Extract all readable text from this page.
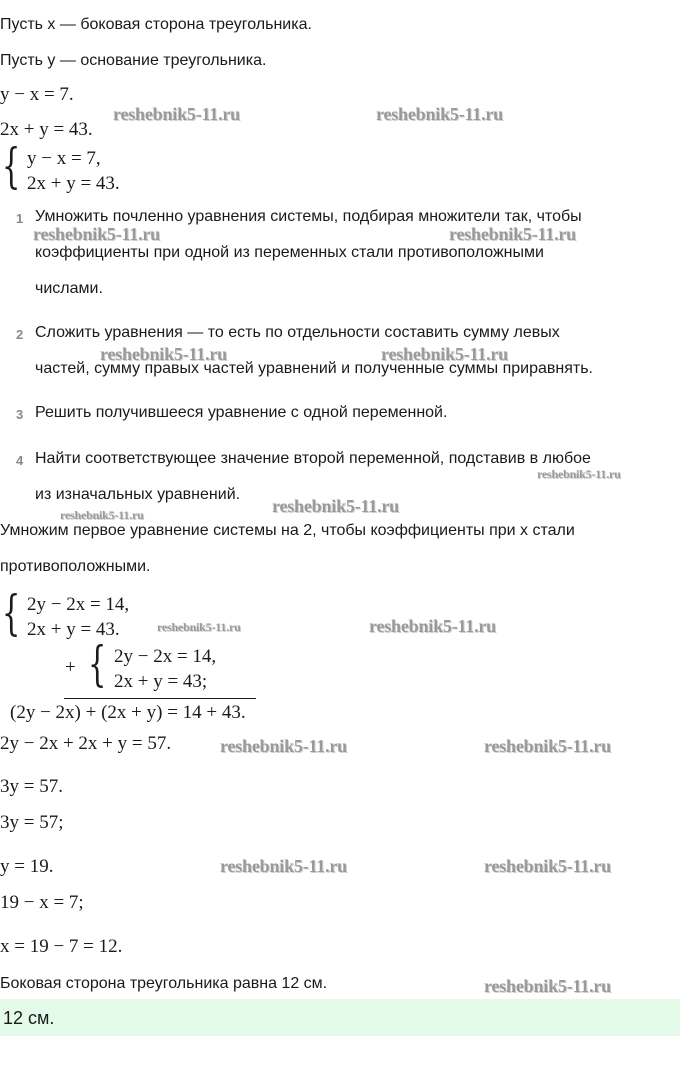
Пусть x — боковая сторона треугольника.
Пусть y — основание треугольника.
y − x = 7.
2x + y = 43.
{ y − x = 7,
2x + y = 43.
1 Умножить почленно уравнения системы, подбирая множители так, чтобы
коэффициенты при одной из переменных стали противоположными
числами.
2 Сложить уравнения — то есть по отдельности составить сумму левых
частей, сумму правых частей уравнений и полученные суммы приравнять.
3 Решить получившееся уравнение с одной переменной.
4 Найти соответствующее значение второй переменной, подставив в любое
из изначальных уравнений.
Умножим первое уравнение системы на 2, чтобы коэффициенты при x стали
противоположными.
{ 2y − 2x = 14,
2x + y = 43.
+ { 2y − 2x = 14,
2x + y = 43;
(2y − 2x) + (2x + y) = 14 + 43.
2y − 2x + 2x + y = 57.
3y = 57.
3y = 57;
y = 19.
19 − x = 7;
x = 19 − 7 = 12.
Боковая сторона треугольника равна 12 см.
12 см.
reshebnik5-11.ru	reshebnik5-11.ru
reshebnik5-11.ru	reshebnik5-11.ru
reshebnik5-11.ru	reshebnik5-11.ru
reshebnik5-11.ru
reshebnik5-11.ru
reshebnik5-11.ru
reshebnik5-11.ru	reshebnik5-11.ru
reshebnik5-11.ru	reshebnik5-11.ru
reshebnik5-11.ru	reshebnik5-11.ru
reshebnik5-11.ru
